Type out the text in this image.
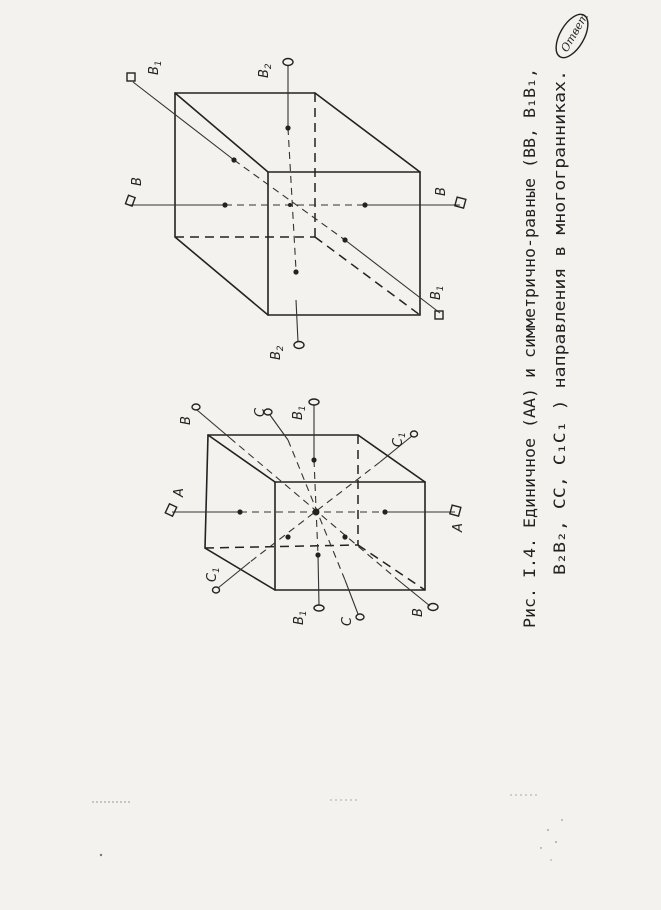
B
B
$B_1$
$B_1$
$B_2$
$B_2$
A
A
B
B
$B_1$
$B_1$
C
C
$C_1$
$C_1$	Рис. I.4. Единичное (AA) и симметрично-равные (BB, B₁B₁, B₂B₂, CC, C₁C₁ ) направления в многогранниках.
Ответ
